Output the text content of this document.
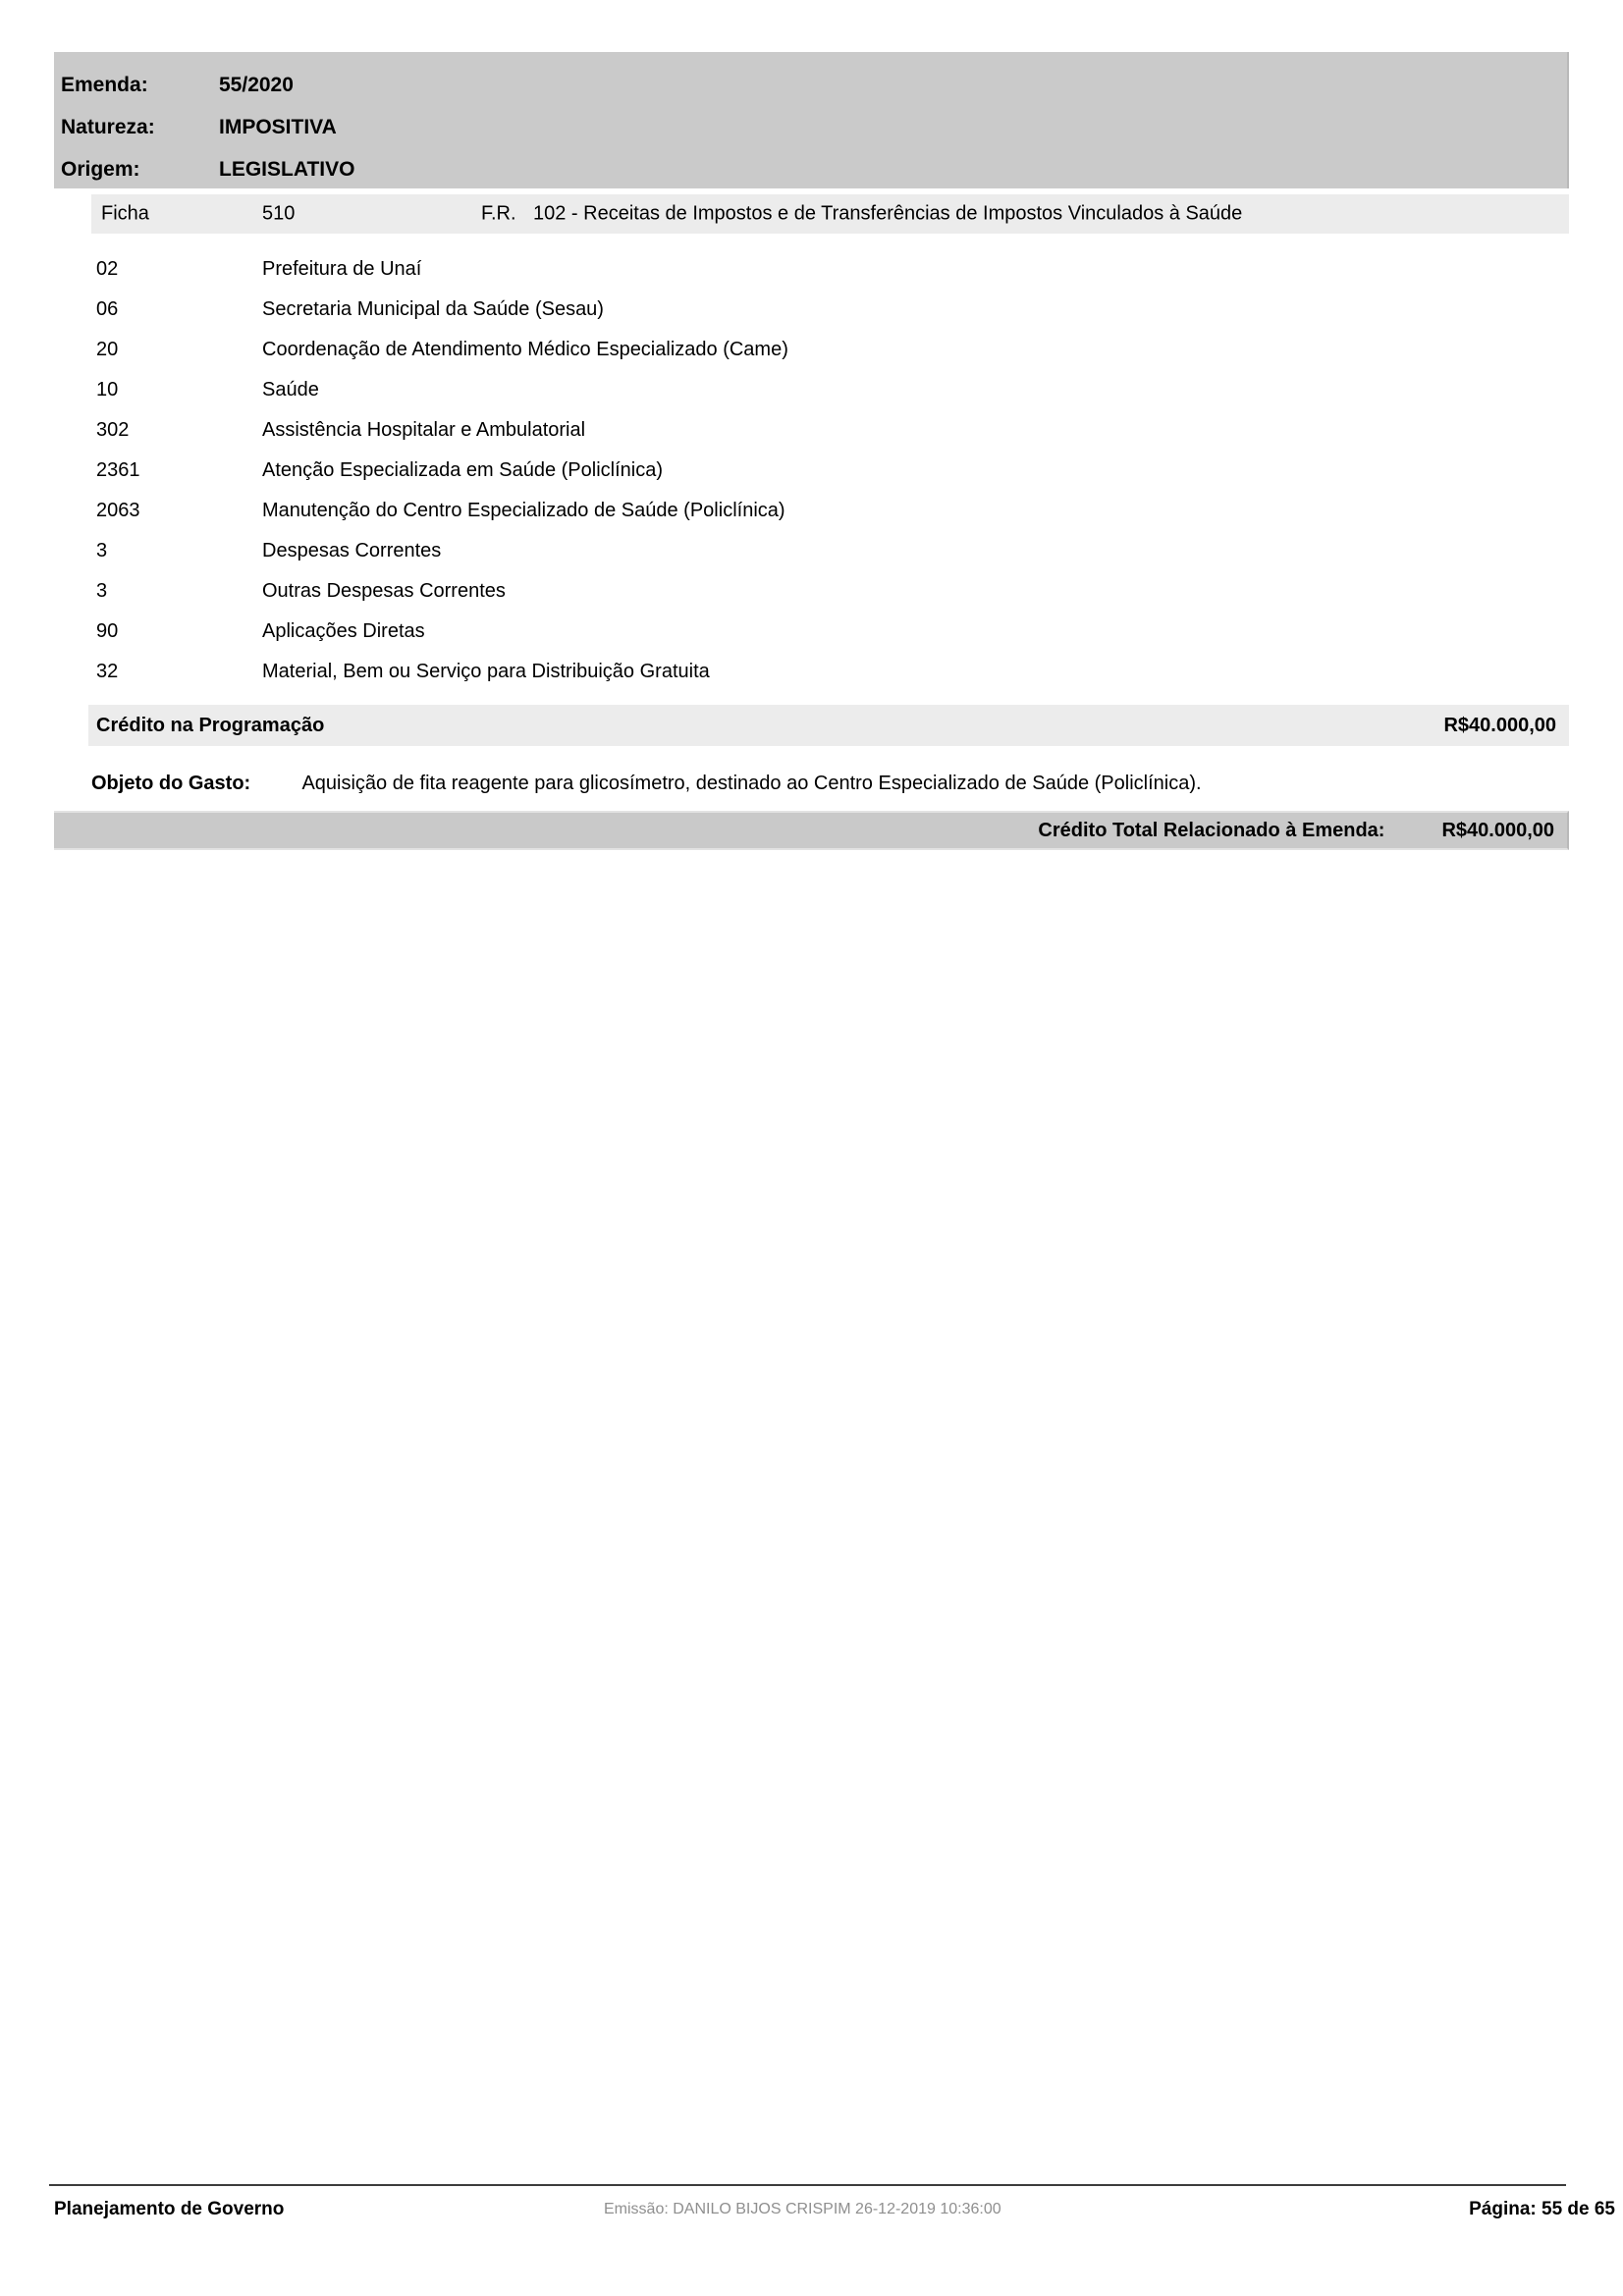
Emenda:	55/2020
Natureza:	IMPOSITIVA
Origem:	LEGISLATIVO
Ficha	510	F.R. 102 - Receitas de Impostos e de Transferências de Impostos Vinculados à Saúde
02	Prefeitura de Unaí
06	Secretaria Municipal da Saúde (Sesau)
20	Coordenação de Atendimento Médico Especializado (Came)
10	Saúde
302	Assistência Hospitalar e Ambulatorial
2361	Atenção Especializada em Saúde (Policlínica)
2063	Manutenção do Centro Especializado de Saúde (Policlínica)
3	Despesas Correntes
3	Outras Despesas Correntes
90	Aplicações Diretas
32	Material, Bem ou Serviço para Distribuição Gratuita
Crédito na Programação	R$40.000,00
Objeto do Gasto:	Aquisição de fita reagente para glicosímetro, destinado ao Centro Especializado de Saúde (Policlínica).
Crédito Total Relacionado à Emenda:	R$40.000,00
Planejamento de Governo	Emissão: DANILO BIJOS CRISPIM 26-12-2019 10:36:00	Página: 55 de 65
